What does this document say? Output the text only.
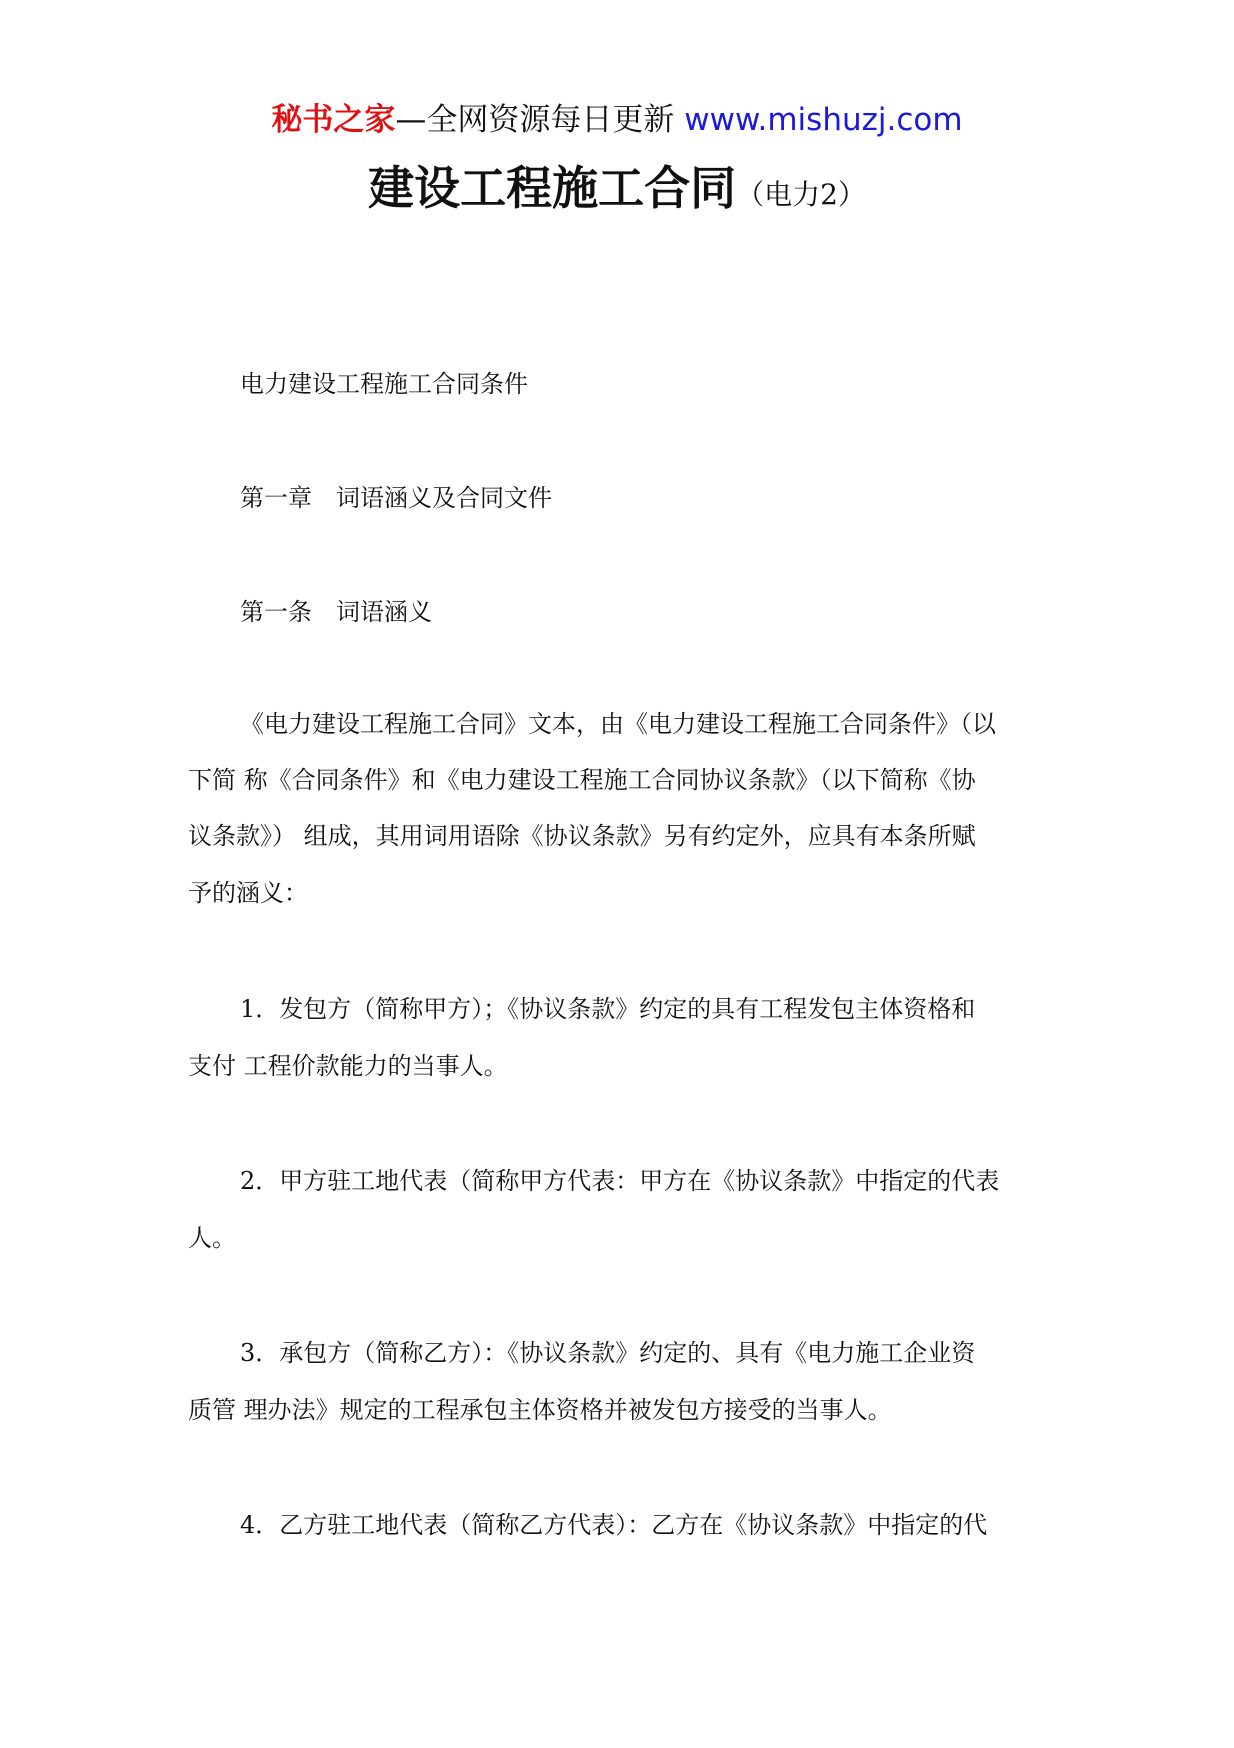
秘书之家—全网资源每日更新 www.mishuzj.com
建设工程施工合同（电力2）
电力建设工程施工合同条件
第一章 词语涵义及合同文件
第一条 词语涵义
《电力建设工程施工合同》文本，由《电力建设工程施工合同条件》（以
下简 称《合同条件》和《电力建设工程施工合同协议条款》（以下简称《协
议条款》） 组成，其用词用语除《协议条款》另有约定外，应具有本条所赋
予的涵义：
1．发包方（简称甲方）；《协议条款》约定的具有工程发包主体资格和
支付 工程价款能力的当事人。
2．甲方驻工地代表（简称甲方代表：甲方在《协议条款》中指定的代表
人。
3．承包方（简称乙方）：《协议条款》约定的、具有《电力施工企业资
质管 理办法》规定的工程承包主体资格并被发包方接受的当事人。
4．乙方驻工地代表（简称乙方代表）：乙方在《协议条款》中指定的代
